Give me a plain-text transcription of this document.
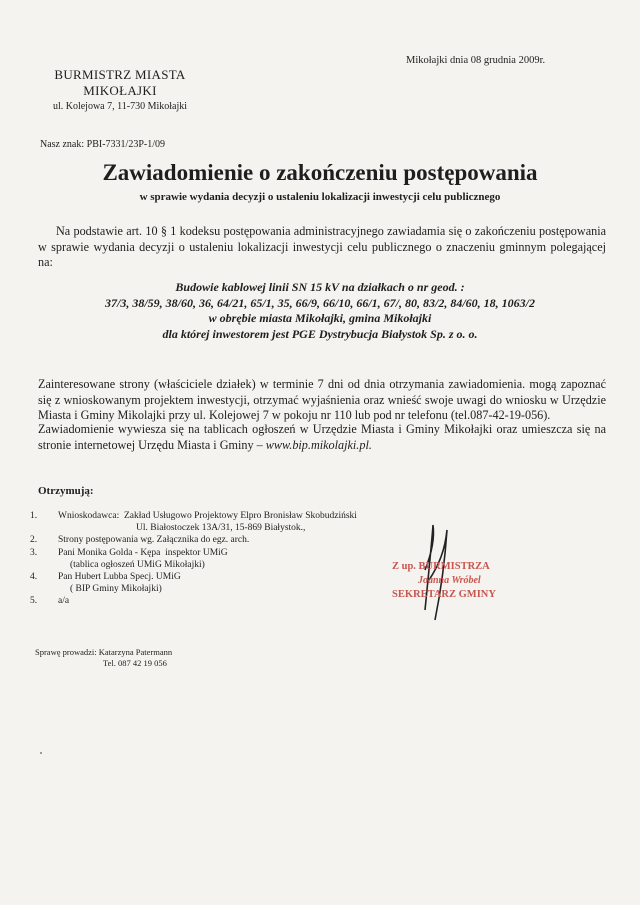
Mikołajki dnia 08 grudnia 2009r.
BURMISTRZ MIASTA
MIKOŁAJKI
ul. Kolejowa 7, 11-730 Mikołajki
Nasz znak: PBI-7331/23P-1/09
Zawiadomienie o zakończeniu postępowania
w sprawie wydania decyzji o ustaleniu lokalizacji inwestycji celu publicznego
Na podstawie art. 10 § 1 kodeksu postępowania administracyjnego zawiadamia się o zakończeniu postępowania w sprawie wydania decyzji o ustaleniu lokalizacji inwestycji celu publicznego o znaczeniu gminnym polegającej na:
Budowie kablowej linii SN 15 kV na działkach o nr geod. :
37/3, 38/59, 38/60, 36, 64/21, 65/1, 35, 66/9, 66/10, 66/1, 67/, 80, 83/2, 84/60, 18, 1063/2
w obrębie miasta Mikołajki, gmina Mikołajki
dla której inwestorem jest PGE Dystrybucja Białystok Sp. z o. o.
Zainteresowane strony (właściciele działek) w terminie 7 dni od dnia otrzymania zawiadomienia. mogą zapoznać się z wnioskowanym projektem inwestycji, otrzymać wyjaśnienia oraz wnieść swoje uwagi do wniosku w Urzędzie Miasta i Gminy Mikolajki przy ul. Kolejowej 7 w pokoju nr 110 lub pod nr telefonu (tel.087-42-19-056).
Zawiadomienie wywiesza się na tablicach ogłoszeń w Urzędzie Miasta i Gminy Mikołajki oraz umieszcza się na stronie internetowej Urzędu Miasta i Gminy – www.bip.mikolajki.pl.
Otrzymują:
1.	Wnioskodawca:  Zakład Usługowo Projektowy Elpro Bronisław Skobudziński
Ul. Białostoczek 13A/31, 15-869 Białystok.,
2.	Strony postępowania wg. Załącznika do egz. arch.
3.	Pani Monika Golda - Kępa  inspektor UMiG
(tablica ogłoszeń UMiG Mikołajki)
4.	Pan Hubert Lubba Specj. UMiG
( BIP Gminy Mikołajki)
5.	a/a
Z up. BURMISTRZA
Joanna Wróbel
SEKRETARZ GMINY
Sprawę prowadzi: Katarzyna Patermann
Tel. 087 42 19 056
